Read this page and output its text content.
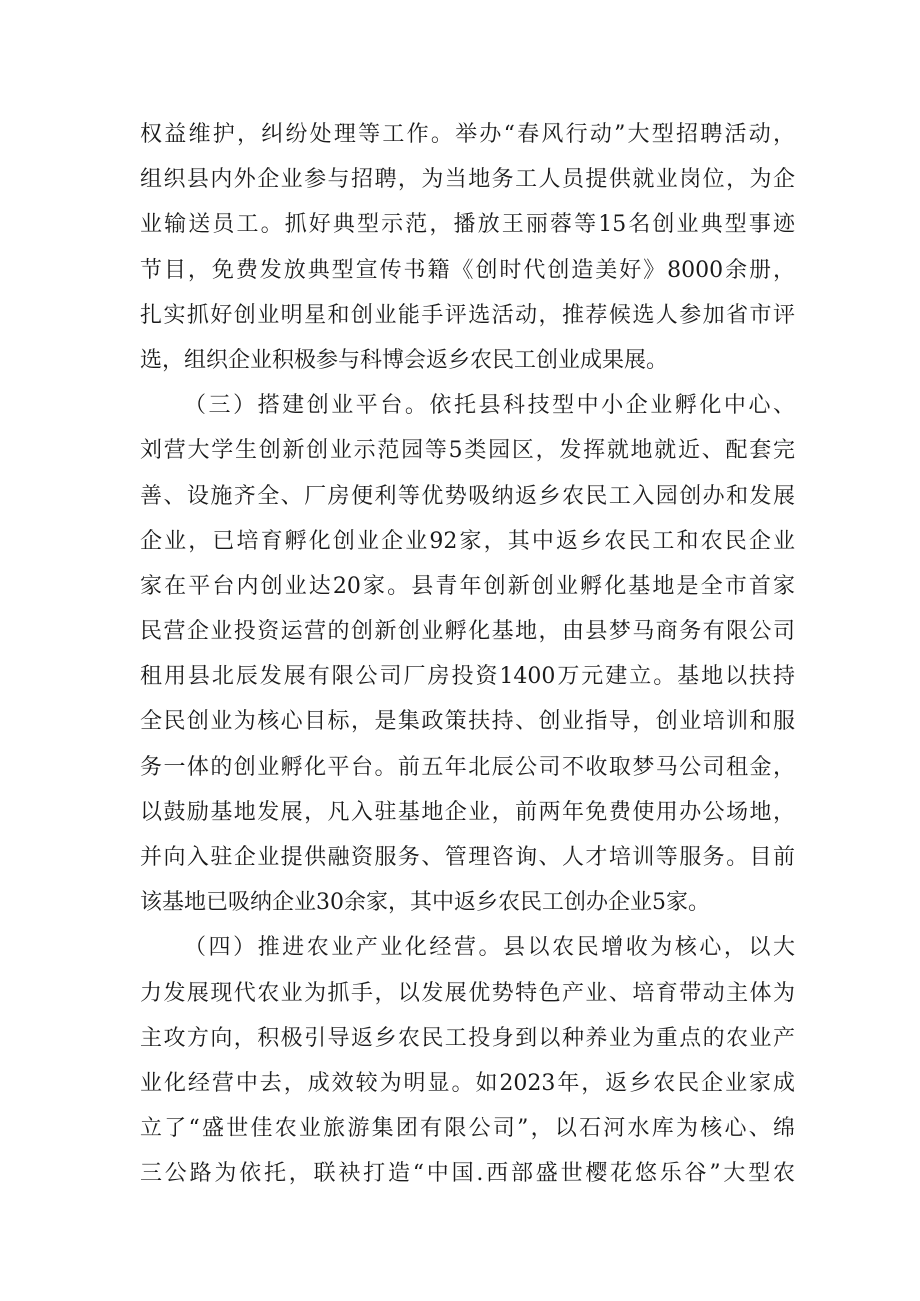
权益维护，纠纷处理等工作。举办“春风行动”大型招聘活动，
组织县内外企业参与招聘，为当地务工人员提供就业岗位，为企
业输送员工。抓好典型示范，播放王丽蓉等15名创业典型事迹
节目，免费发放典型宣传书籍《创时代创造美好》8000余册，
扎实抓好创业明星和创业能手评选活动，推荐候选人参加省市评
选，组织企业积极参与科博会返乡农民工创业成果展。
（三）搭建创业平台。依托县科技型中小企业孵化中心、
刘营大学生创新创业示范园等5类园区，发挥就地就近、配套完
善、设施齐全、厂房便利等优势吸纳返乡农民工入园创办和发展
企业，已培育孵化创业企业92家，其中返乡农民工和农民企业
家在平台内创业达20家。县青年创新创业孵化基地是全市首家
民营企业投资运营的创新创业孵化基地，由县梦马商务有限公司
租用县北辰发展有限公司厂房投资1400万元建立。基地以扶持
全民创业为核心目标，是集政策扶持、创业指导，创业培训和服
务一体的创业孵化平台。前五年北辰公司不收取梦马公司租金，
以鼓励基地发展，凡入驻基地企业，前两年免费使用办公场地，
并向入驻企业提供融资服务、管理咨询、人才培训等服务。目前
该基地已吸纳企业30余家，其中返乡农民工创办企业5家。
（四）推进农业产业化经营。县以农民增收为核心，以大
力发展现代农业为抓手，以发展优势特色产业、培育带动主体为
主攻方向，积极引导返乡农民工投身到以种养业为重点的农业产
业化经营中去，成效较为明显。如2023年，返乡农民企业家成
立了“盛世佳农业旅游集团有限公司”，以石河水库为核心、绵
三公路为依托，联袂打造“中国.西部盛世樱花悠乐谷”大型农
